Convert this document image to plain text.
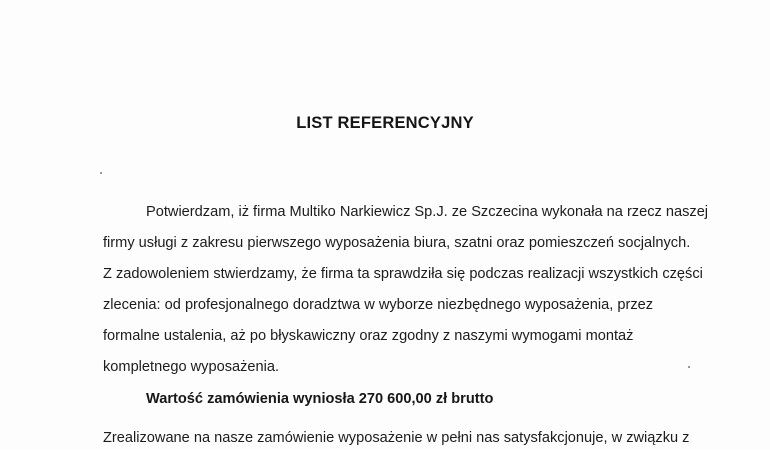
LIST REFERENCYJNY
Potwierdzam, iż firma Multiko Narkiewicz Sp.J. ze Szczecina wykonała na rzecz naszej
firmy usługi z zakresu pierwszego wyposażenia biura, szatni oraz pomieszczeń socjalnych.
Z zadowoleniem stwierdzamy, że firma ta sprawdziła się podczas realizacji wszystkich części
zlecenia: od profesjonalnego doradztwa w wyborze niezbędnego wyposażenia, przez
formalne ustalenia, aż po błyskawiczny oraz zgodny z naszymi wymogami montaż
kompletnego wyposażenia.
Wartość zamówienia wyniosła 270 600,00 zł brutto
Zrealizowane na nasze zamówienie wyposażenie w pełni nas satysfakcjonuje, w związku z
